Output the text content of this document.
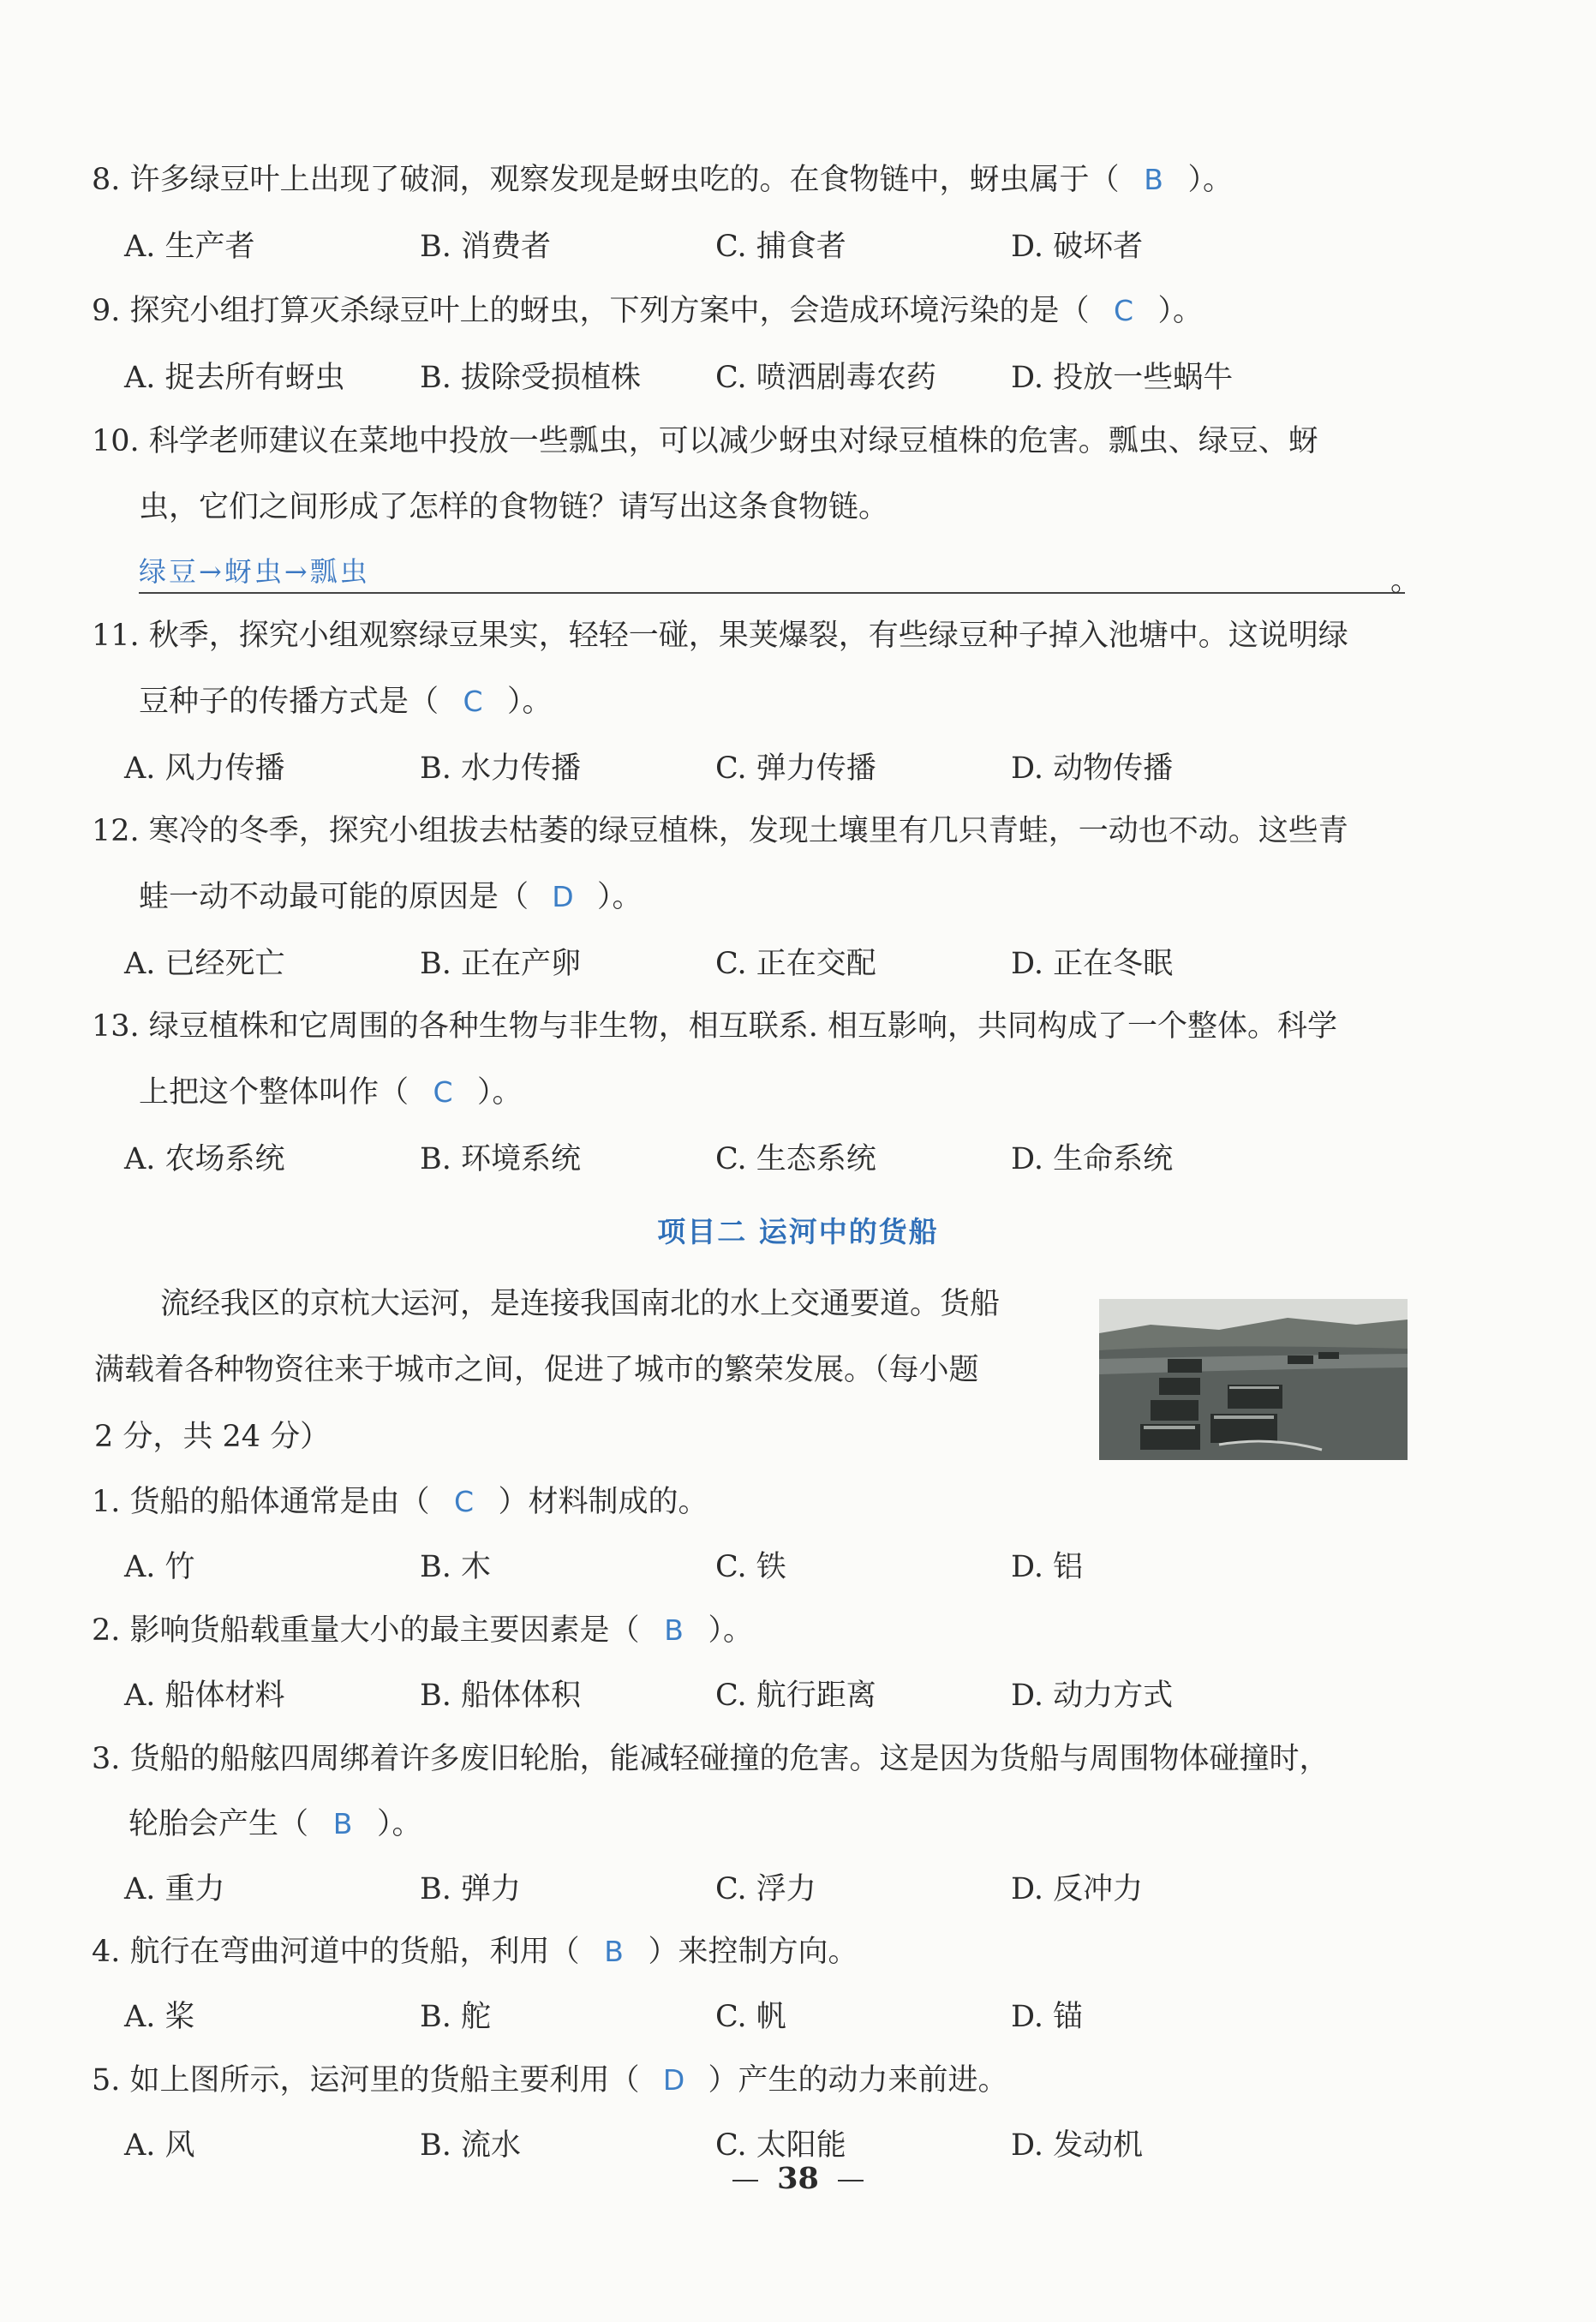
8. 许多绿豆叶上出现了破洞，观察发现是蚜虫吃的。在食物链中，蚜虫属于（ B ）。
A. 生产者	B. 消费者	C. 捕食者	D. 破坏者
9. 探究小组打算灭杀绿豆叶上的蚜虫，下列方案中，会造成环境污染的是（ C ）。
A. 捉去所有蚜虫	B. 拔除受损植株	C. 喷洒剧毒农药	D. 投放一些蜗牛
10. 科学老师建议在菜地中投放一些瓢虫，可以减少蚜虫对绿豆植株的危害。瓢虫、绿豆、蚜
虫，它们之间形成了怎样的食物链？请写出这条食物链。
绿豆→蚜虫→瓢虫	。
11. 秋季，探究小组观察绿豆果实，轻轻一碰，果荚爆裂，有些绿豆种子掉入池塘中。这说明绿
豆种子的传播方式是（ C ）。
A. 风力传播	B. 水力传播	C. 弹力传播	D. 动物传播
12. 寒冷的冬季，探究小组拔去枯萎的绿豆植株，发现土壤里有几只青蛙，一动也不动。这些青
蛙一动不动最可能的原因是（ D ）。
A. 已经死亡	B. 正在产卵	C. 正在交配	D. 正在冬眠
13. 绿豆植株和它周围的各种生物与非生物，相互联系. 相互影响，共同构成了一个整体。科学
上把这个整体叫作（ C ）。
A. 农场系统	B. 环境系统	C. 生态系统	D. 生命系统
项目二 运河中的货船
流经我区的京杭大运河，是连接我国南北的水上交通要道。货船
满载着各种物资往来于城市之间，促进了城市的繁荣发展。（每小题
2 分，共 24 分）
1. 货船的船体通常是由（ C ）材料制成的。
A. 竹	B. 木	C. 铁	D. 铝
2. 影响货船载重量大小的最主要因素是（ B ）。
A. 船体材料	B. 船体体积	C. 航行距离	D. 动力方式
3. 货船的船舷四周绑着许多废旧轮胎，能减轻碰撞的危害。这是因为货船与周围物体碰撞时，
轮胎会产生（ B ）。
A. 重力	B. 弹力	C. 浮力	D. 反冲力
4. 航行在弯曲河道中的货船，利用（ B ）来控制方向。
A. 桨	B. 舵	C. 帆	D. 锚
5. 如上图所示，运河里的货船主要利用（ D ）产生的动力来前进。
A. 风	B. 流水	C. 太阳能	D. 发动机
38
